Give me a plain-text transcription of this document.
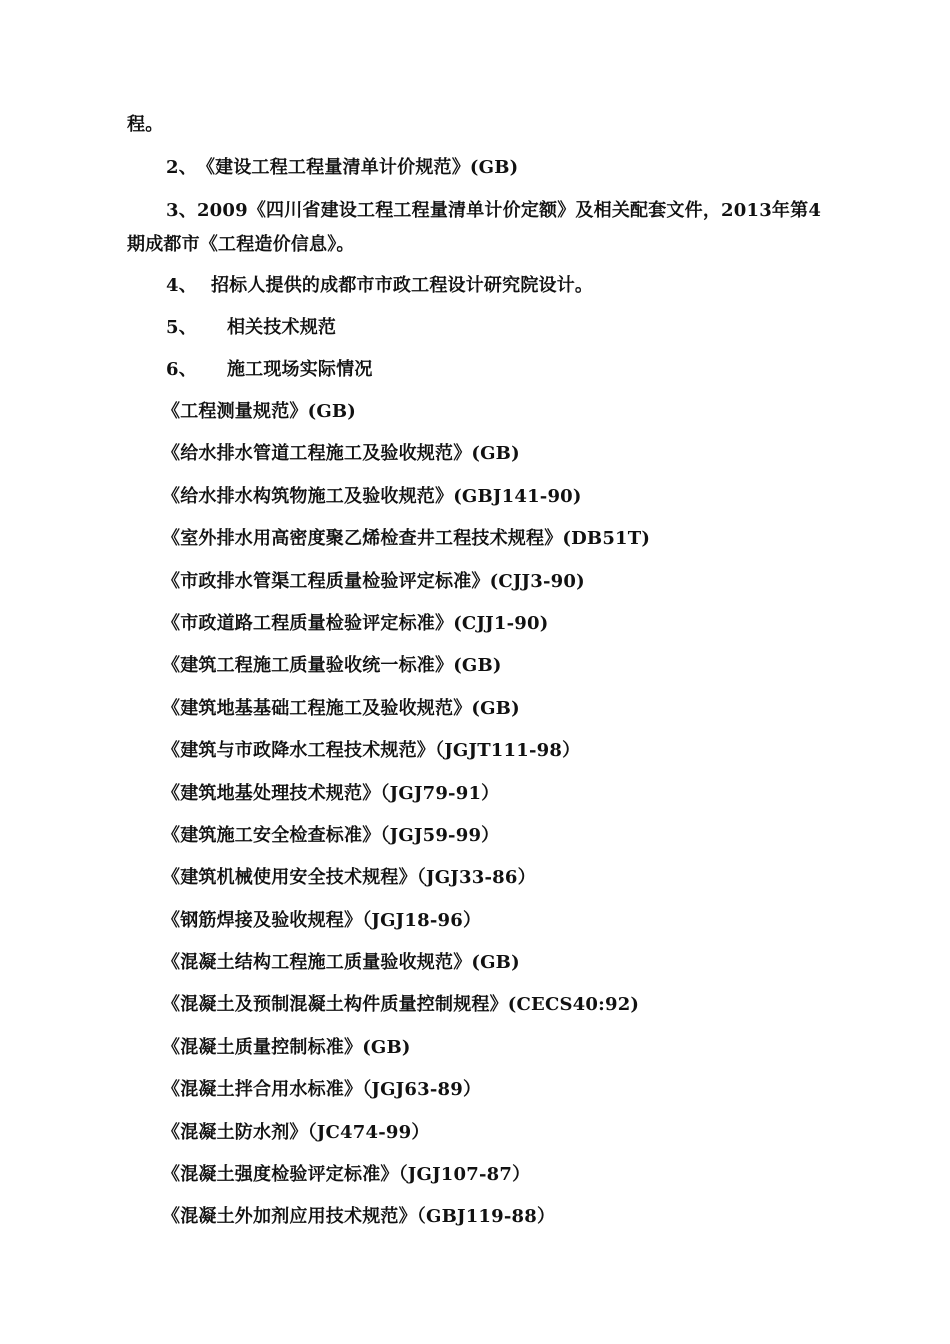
程。
2、《建设工程工程量清单计价规范》(GB)
3、2009《四川省建设工程工程量清单计价定额》及相关配套文件，2013年第4
期成都市《工程造价信息》。
4、 招标人提供的成都市市政工程设计研究院设计。
5、 相关技术规范
6、 施工现场实际情况
《工程测量规范》(GB)
《给水排水管道工程施工及验收规范》(GB)
《给水排水构筑物施工及验收规范》(GBJ141-90)
《室外排水用高密度聚乙烯检查井工程技术规程》(DB51T)
《市政排水管渠工程质量检验评定标准》(CJJ3-90)
《市政道路工程质量检验评定标准》(CJJ1-90)
《建筑工程施工质量验收统一标准》(GB)
《建筑地基基础工程施工及验收规范》(GB)
《建筑与市政降水工程技术规范》（JGJT111-98）
《建筑地基处理技术规范》（JGJ79-91）
《建筑施工安全检查标准》（JGJ59-99）
《建筑机械使用安全技术规程》（JGJ33-86）
《钢筋焊接及验收规程》（JGJ18-96）
《混凝土结构工程施工质量验收规范》(GB)
《混凝土及预制混凝土构件质量控制规程》(CECS40:92)
《混凝土质量控制标准》(GB)
《混凝土拌合用水标准》（JGJ63-89）
《混凝土防水剂》（JC474-99）
《混凝土强度检验评定标准》（JGJ107-87）
《混凝土外加剂应用技术规范》（GBJ119-88）
